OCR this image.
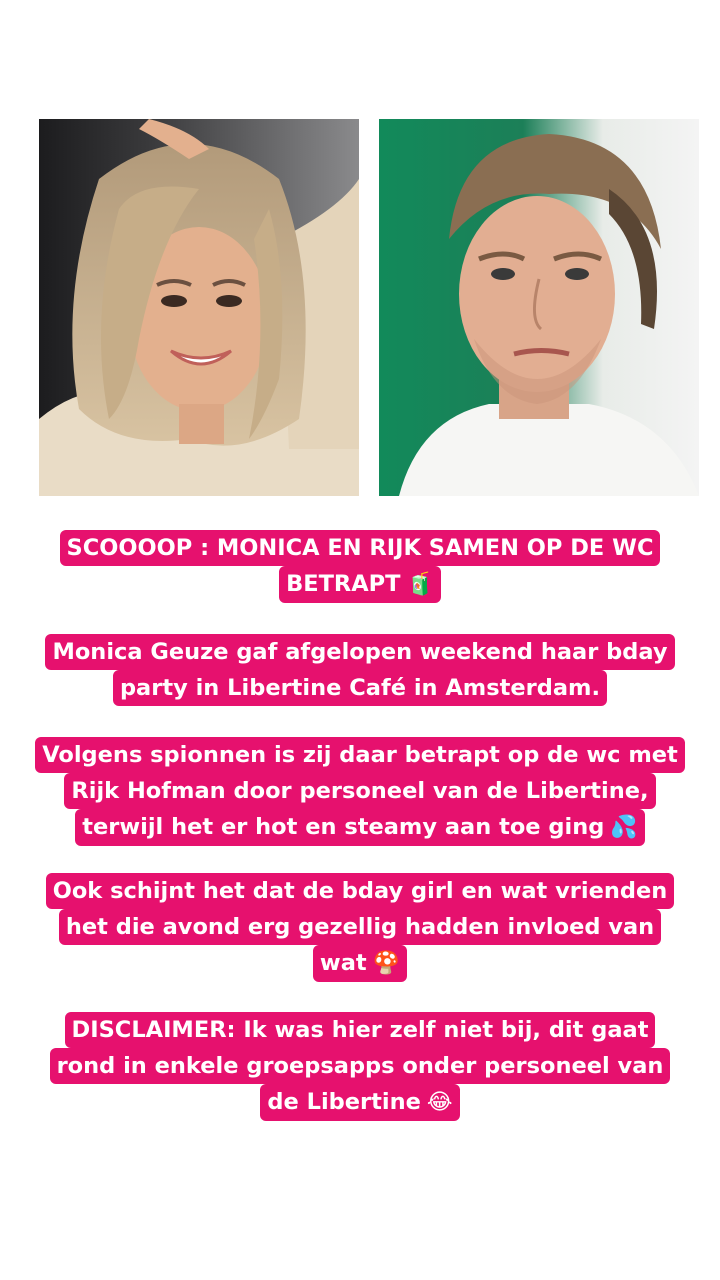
SCOOOOP : MONICA EN RIJK SAMEN OP DE WC
BETRAPT 🧃
Monica Geuze gaf afgelopen weekend haar bday
party in Libertine Café in Amsterdam.
Volgens spionnen is zij daar betrapt op de wc met
Rijk Hofman door personeel van de Libertine,
terwijl het er hot en steamy aan toe ging 💦
Ook schijnt het dat de bday girl en wat vrienden
het die avond erg gezellig hadden invloed van
wat 🍄
DISCLAIMER: Ik was hier zelf niet bij, dit gaat
rond in enkele groepsapps onder personeel van
de Libertine 😂
